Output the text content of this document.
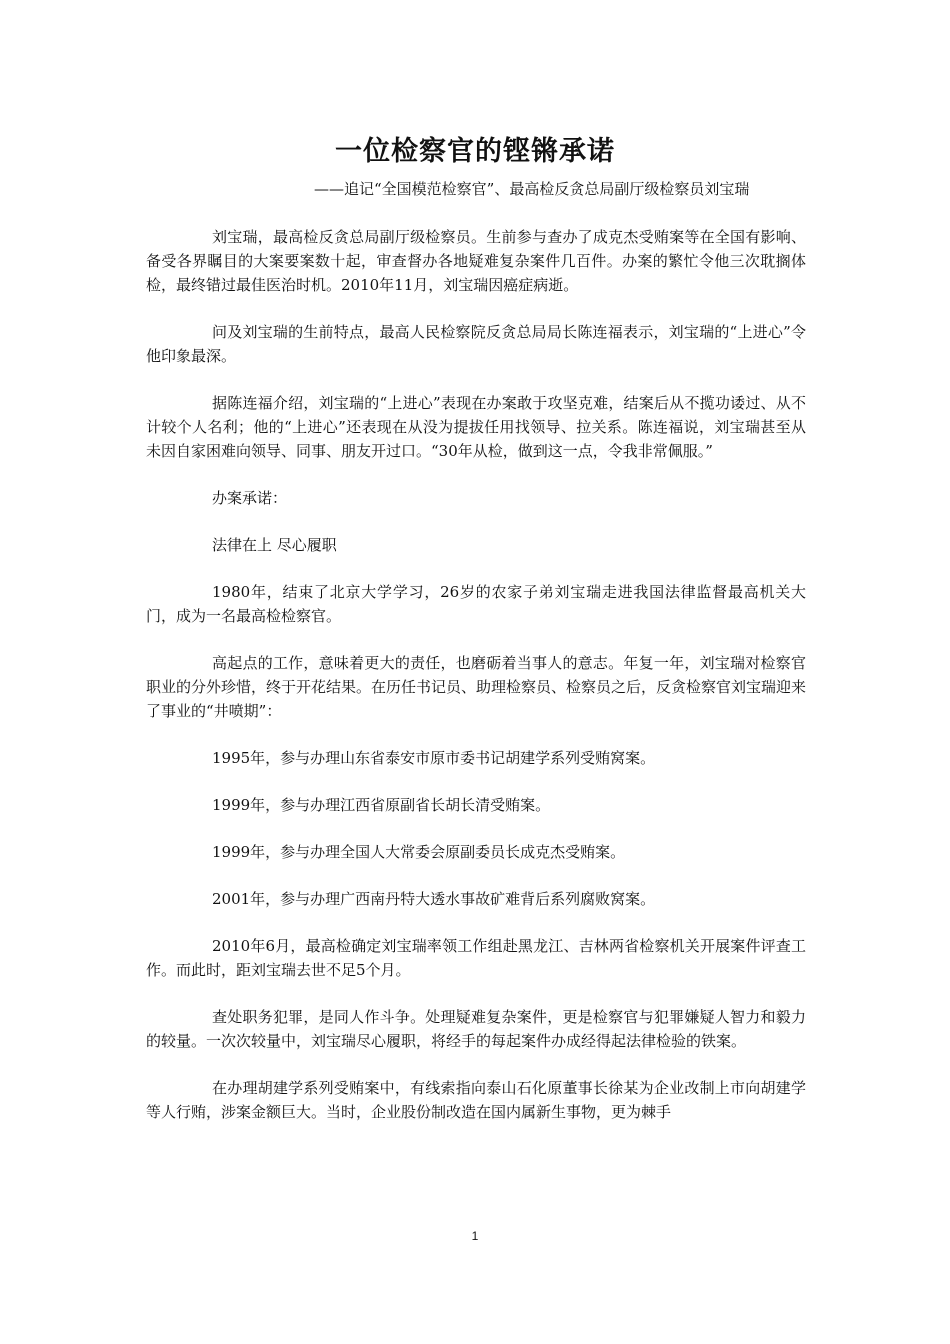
一位检察官的铿锵承诺

——追记“全国模范检察官”、最高检反贪总局副厅级检察员刘宝瑞

刘宝瑞，最高检反贪总局副厅级检察员。生前参与查办了成克杰受贿案等在全国有影响、备受各界瞩目的大案要案数十起，审查督办各地疑难复杂案件几百件。办案的繁忙令他三次耽搁体检，最终错过最佳医治时机。2010年11月，刘宝瑞因癌症病逝。

问及刘宝瑞的生前特点，最高人民检察院反贪总局局长陈连福表示，刘宝瑞的“上进心”令他印象最深。

据陈连福介绍，刘宝瑞的“上进心”表现在办案敢于攻坚克难，结案后从不揽功诿过、从不计较个人名利；他的“上进心”还表现在从没为提拔任用找领导、拉关系。陈连福说，刘宝瑞甚至从未因自家困难向领导、同事、朋友开过口。“30年从检，做到这一点，令我非常佩服。”

办案承诺：

法律在上 尽心履职

1980年，结束了北京大学学习，26岁的农家子弟刘宝瑞走进我国法律监督最高机关大门，成为一名最高检检察官。

高起点的工作，意味着更大的责任，也磨砺着当事人的意志。年复一年，刘宝瑞对检察官职业的分外珍惜，终于开花结果。在历任书记员、助理检察员、检察员之后，反贪检察官刘宝瑞迎来了事业的“井喷期”：

1995年，参与办理山东省泰安市原市委书记胡建学系列受贿窝案。

1999年，参与办理江西省原副省长胡长清受贿案。

1999年，参与办理全国人大常委会原副委员长成克杰受贿案。

2001年，参与办理广西南丹特大透水事故矿难背后系列腐败窝案。

2010年6月，最高检确定刘宝瑞率领工作组赴黑龙江、吉林两省检察机关开展案件评查工作。而此时，距刘宝瑞去世不足5个月。

查处职务犯罪，是同人作斗争。处理疑难复杂案件，更是检察官与犯罪嫌疑人智力和毅力的较量。一次次较量中，刘宝瑞尽心履职，将经手的每起案件办成经得起法律检验的铁案。

在办理胡建学系列受贿案中，有线索指向泰山石化原董事长徐某为企业改制上市向胡建学等人行贿，涉案金额巨大。当时，企业股份制改造在国内属新生事物，更为棘手

1
